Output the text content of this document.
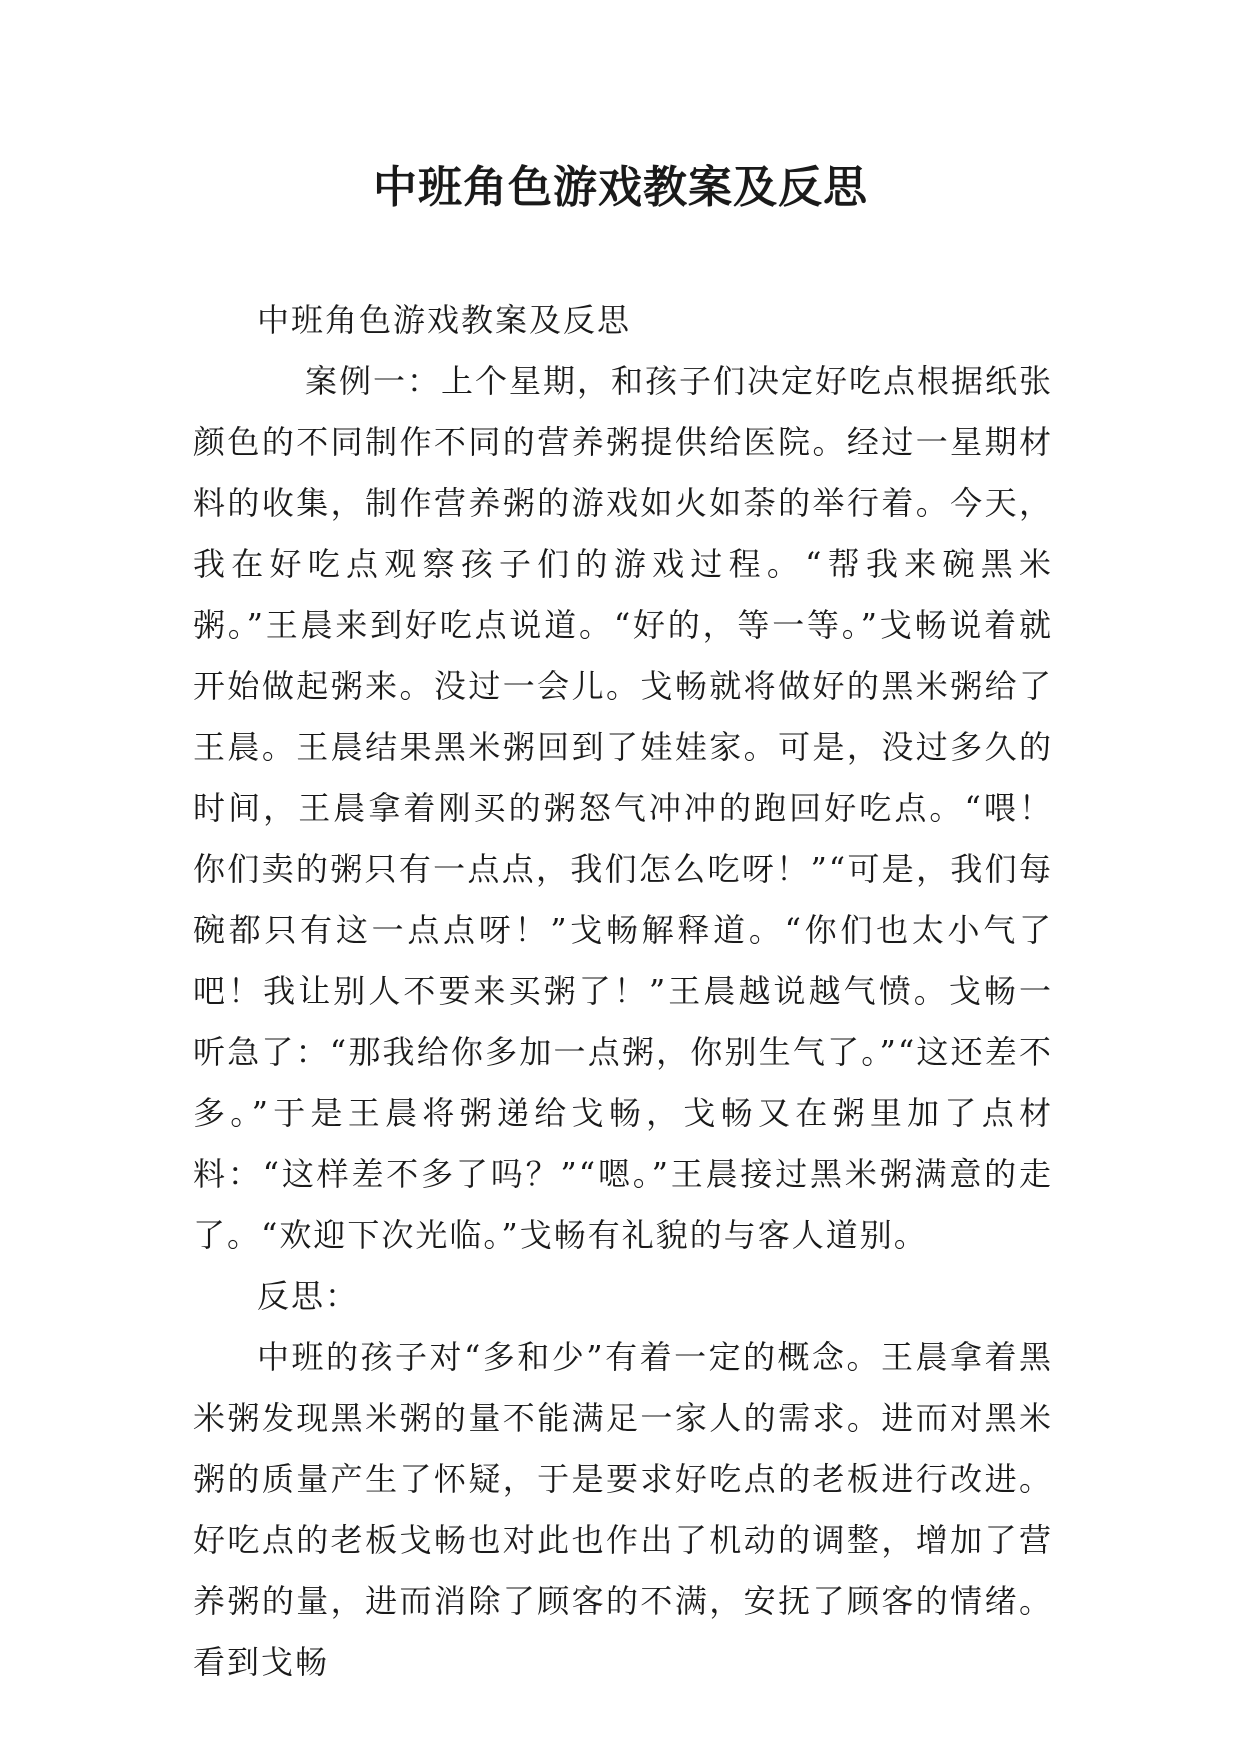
中班角色游戏教案及反思

中班角色游戏教案及反思

案例一：上个星期，和孩子们决定好吃点根据纸张颜色的不同制作不同的营养粥提供给医院。经过一星期材料的收集，制作营养粥的游戏如火如荼的举行着。今天，我在好吃点观察孩子们的游戏过程。“帮我来碗黑米粥。”王晨来到好吃点说道。“好的，等一等。”戈畅说着就开始做起粥来。没过一会儿。戈畅就将做好的黑米粥给了王晨。王晨结果黑米粥回到了娃娃家。可是，没过多久的时间，王晨拿着刚买的粥怒气冲冲的跑回好吃点。“喂！你们卖的粥只有一点点，我们怎么吃呀！”“可是，我们每碗都只有这一点点呀！”戈畅解释道。“你们也太小气了吧！我让别人不要来买粥了！”王晨越说越气愤。戈畅一听急了：“那我给你多加一点粥，你别生气了。”“这还差不多。”于是王晨将粥递给戈畅，戈畅又在粥里加了点材料：“这样差不多了吗？”“嗯。”王晨接过黑米粥满意的走了。“欢迎下次光临。”戈畅有礼貌的与客人道别。

反思：

中班的孩子对“多和少”有着一定的概念。王晨拿着黑米粥发现黑米粥的量不能满足一家人的需求。进而对黑米粥的质量产生了怀疑，于是要求好吃点的老板进行改进。好吃点的老板戈畅也对此也作出了机动的调整，增加了营养粥的量，进而消除了顾客的不满，安抚了顾客的情绪。看到戈畅
